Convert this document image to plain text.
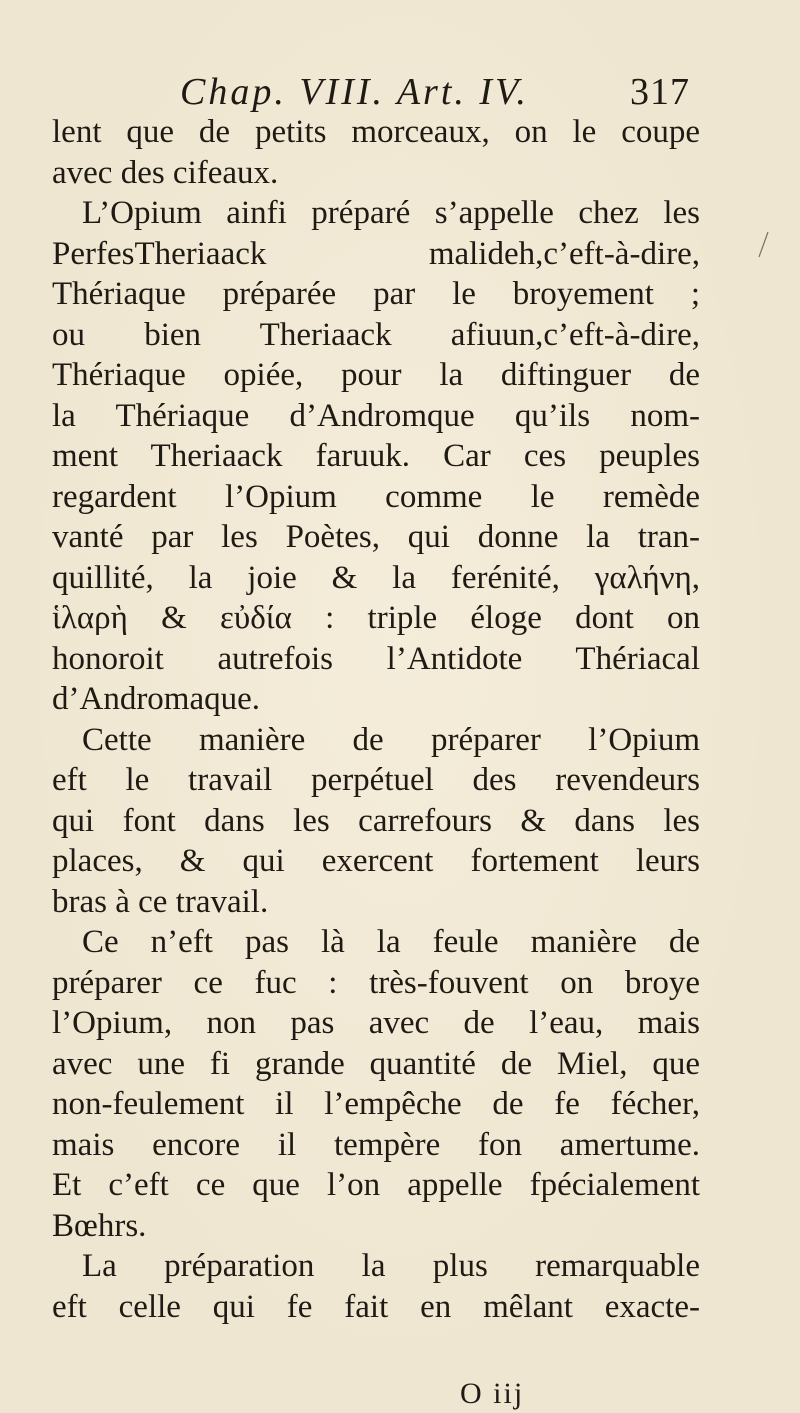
Chap. VIII. Art. IV.	317
lent que de petits morceaux, on le coupe
avec des cifeaux.
L’Opium ainfi préparé s’appelle chez les
PerfesTheriaack malideh,c’eft-à-dire,
Thériaque préparée par le broyement ;
ou bien Theriaack afiuun,c’eft-à-dire,
Thériaque opiée, pour la diftinguer de
la Thériaque d’Andromque qu’ils nom-
ment Theriaack faruuk. Car ces peuples
regardent l’Opium comme le remède
vanté par les Poètes, qui donne la tran-
quillité, la joie & la ferénité, γαλήνη,
ἱλαρὴ & εὐδία : triple éloge dont on
honoroit autrefois l’Antidote Thériacal
d’Andromaque.
Cette manière de préparer l’Opium
eft le travail perpétuel des revendeurs
qui font dans les carrefours & dans les
places, & qui exercent fortement leurs
bras à ce travail.
Ce n’eft pas là la feule manière de
préparer ce fuc : très-fouvent on broye
l’Opium, non pas avec de l’eau, mais
avec une fi grande quantité de Miel, que
non-feulement il l’empêche de fe fécher,
mais encore il tempère fon amertume.
Et c’eft ce que l’on appelle fpécialement
Bœhrs.
La préparation la plus remarquable
eft celle qui fe fait en mêlant exacte-
O iij
